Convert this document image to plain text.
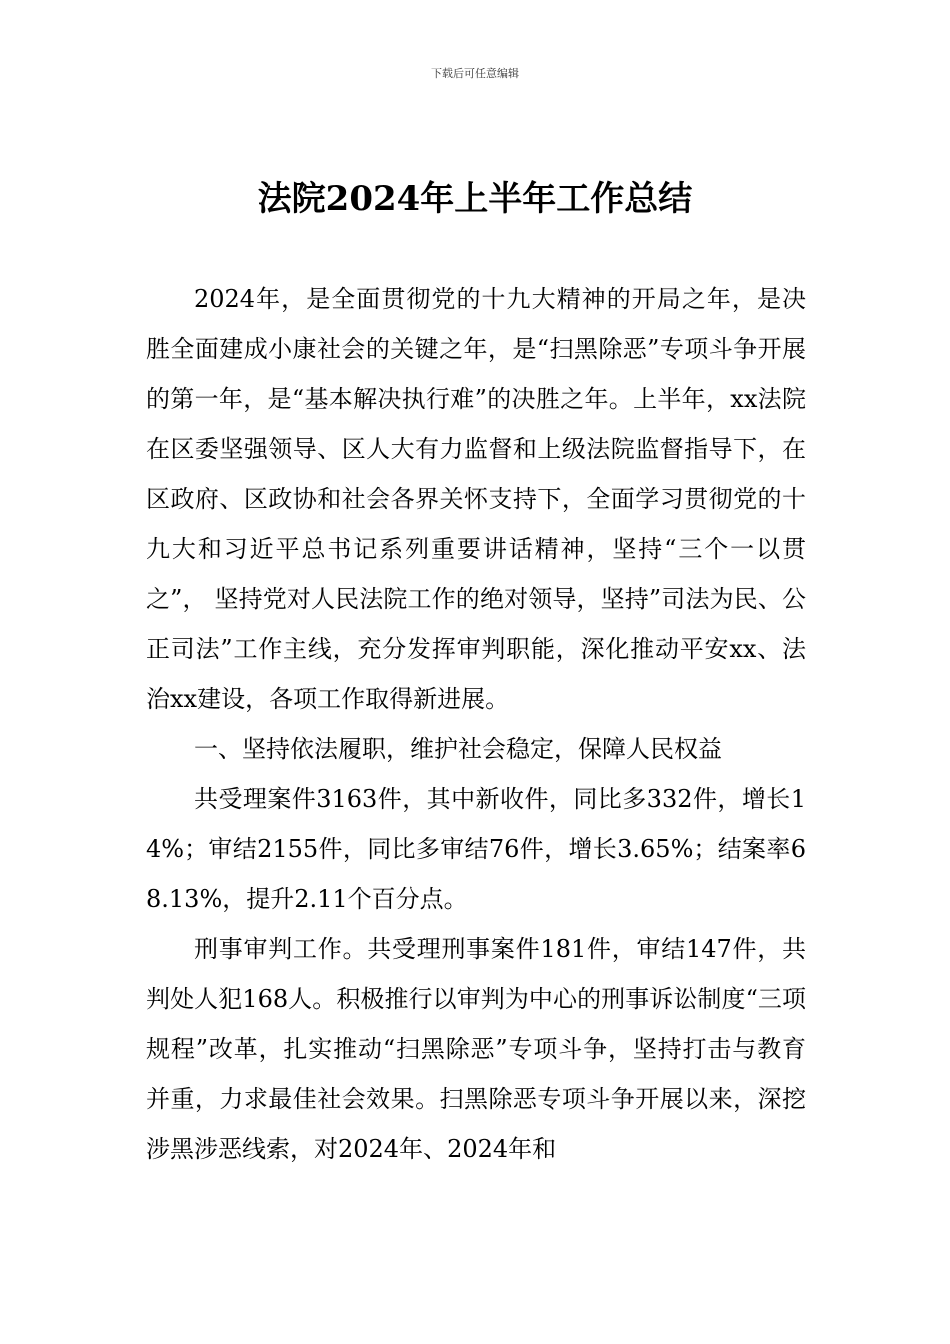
下载后可任意编辑
法院2024年上半年工作总结

2024年，是全面贯彻党的十九大精神的开局之年，是决胜全面建成小康社会的关键之年，是“扫黑除恶”专项斗争开展的第一年，是“基本解决执行难”的决胜之年。上半年，xx法院在区委坚强领导、区人大有力监督和上级法院监督指导下，在区政府、区政协和社会各界关怀支持下，全面学习贯彻党的十九大和习近平总书记系列重要讲话精神，坚持“三个一以贯之”， 坚持党对人民法院工作的绝对领导，坚持”司法为民、公正司法”工作主线，充分发挥审判职能，深化推动平安xx、法治xx建设，各项工作取得新进展。

一、坚持依法履职，维护社会稳定，保障人民权益

共受理案件3163件，其中新收件，同比多332件，增长14%；审结2155件，同比多审结76件，增长3.65%；结案率68.13%，提升2.11个百分点。

刑事审判工作。共受理刑事案件181件，审结147件，共判处人犯168人。积极推行以审判为中心的刑事诉讼制度“三项规程”改革，扎实推动“扫黑除恶”专项斗争，坚持打击与教育并重，力求最佳社会效果。扫黑除恶专项斗争开展以来，深挖涉黑涉恶线索，对2024年、2024年和
